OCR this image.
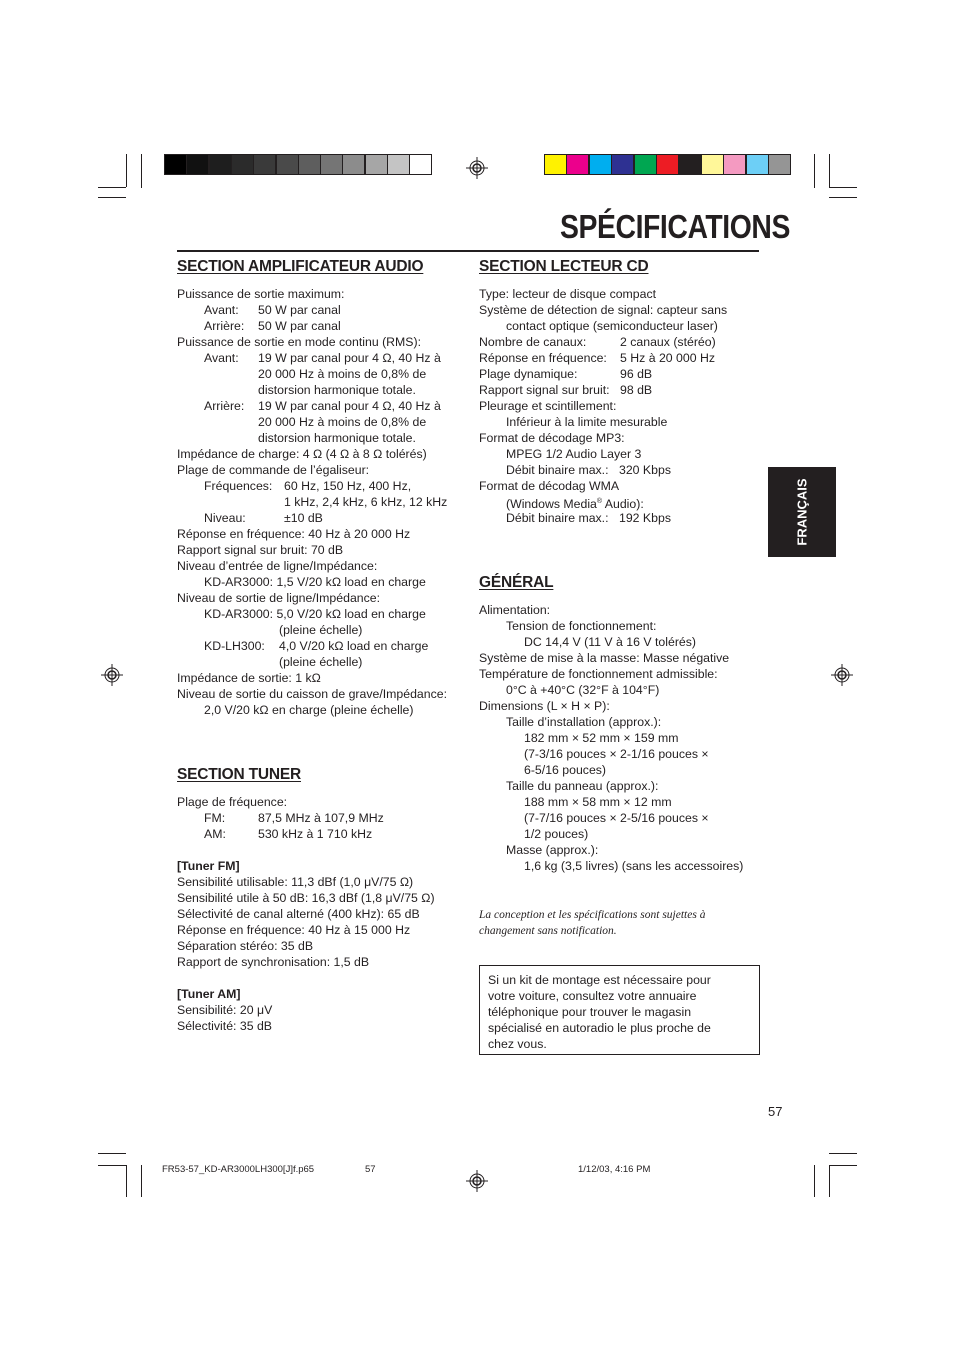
SPÉCIFICATIONS
FRANÇAIS
SECTION AMPLIFICATEUR AUDIO
Puissance de sortie maximum:
Avant: 50 W par canal
Arrière: 50 W par canal
Puissance de sortie en mode continu (RMS):
Avant: 19 W par canal pour 4 Ω, 40 Hz à
20 000 Hz à moins de 0,8% de
distorsion harmonique totale.
Arrière: 19 W par canal pour 4 Ω, 40 Hz à
20 000 Hz à moins de 0,8% de
distorsion harmonique totale.
Impédance de charge: 4 Ω (4 Ω à 8 Ω tolérés)
Plage de commande de l’égaliseur:
Fréquences: 60 Hz, 150 Hz, 400 Hz,
1 kHz, 2,4 kHz, 6 kHz, 12 kHz
Niveau:	±10 dB
Réponse en fréquence: 40 Hz à 20 000 Hz
Rapport signal sur bruit: 70 dB
Niveau d’entrée de ligne/Impédance:
KD-AR3000: 1,5 V/20 kΩ load en charge
Niveau de sortie de ligne/Impédance:
KD-AR3000: 5,0 V/20 kΩ load en charge
(pleine échelle)
KD-LH300: 4,0 V/20 kΩ load en charge
(pleine échelle)
Impédance de sortie: 1 kΩ
Niveau de sortie du caisson de grave/Impédance:
2,0 V/20 kΩ en charge (pleine échelle)
SECTION TUNER
Plage de fréquence:
FM:	87,5 MHz à 107,9 MHz
AM:	530 kHz à 1 710 kHz
[Tuner FM]
Sensibilité utilisable: 11,3 dBf (1,0 μV/75 Ω)
Sensibilité utile à 50 dB: 16,3 dBf (1,8 μV/75 Ω)
Sélectivité de canal alterné (400 kHz): 65 dB
Réponse en fréquence: 40 Hz à 15 000 Hz
Séparation stéréo: 35 dB
Rapport de synchronisation: 1,5 dB
[Tuner AM]
Sensibilité: 20 μV
Sélectivité: 35 dB
SECTION LECTEUR CD
Type: lecteur de disque compact
Système de détection de signal: capteur sans
contact optique (semiconducteur laser)
Nombre de canaux:	2 canaux (stéréo)
Réponse en fréquence: 5 Hz à 20 000 Hz
Plage dynamique:	96 dB
Rapport signal sur bruit: 98 dB
Pleurage et scintillement:
Inférieur à la limite mesurable
Format de décodage MP3:
MPEG 1/2 Audio Layer 3
Débit binaire max.: 320 Kbps
Format de décodag WMA
(Windows Media® Audio):
Débit binaire max.: 192 Kbps
GÉNÉRAL
Alimentation:
Tension de fonctionnement:
DC 14,4 V (11 V à 16 V tolérés)
Système de mise à la masse: Masse négative
Température de fonctionnement admissible:
0°C à +40°C (32°F à 104°F)
Dimensions (L × H × P):
Taille d’installation (approx.):
182 mm × 52 mm × 159 mm
(7-3/16 pouces × 2-1/16 pouces ×
6-5/16 pouces)
Taille du panneau (approx.):
188 mm × 58 mm × 12 mm
(7-7/16 pouces × 2-5/16 pouces ×
1/2 pouces)
Masse (approx.):
1,6 kg (3,5 livres) (sans les accessoires)
La conception et les spécifications sont sujettes à
changement sans notification.
Si un kit de montage est nécessaire pour
votre voiture, consultez votre annuaire
téléphonique pour trouver le magasin
spécialisé en autoradio le plus proche de
chez vous.
57
FR53-57_KD-AR3000LH300[J]f.p65	57	1/12/03, 4:16 PM
